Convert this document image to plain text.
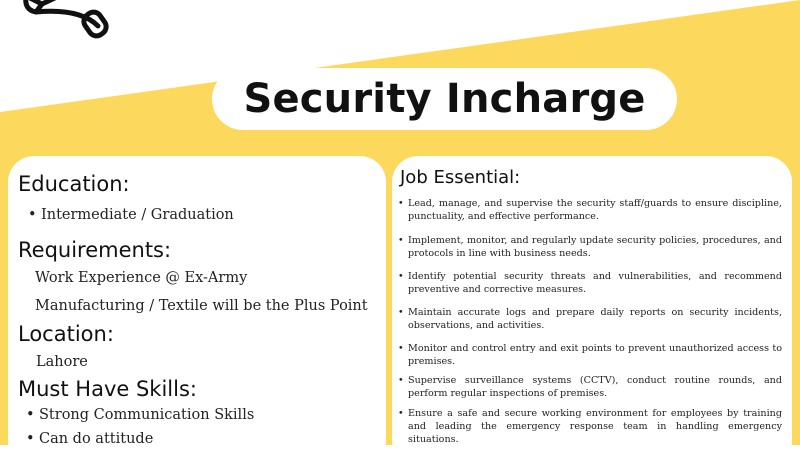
Security Incharge
Education:
• Intermediate / Graduation
Requirements:
Work Experience @ Ex-Army
Manufacturing / Textile will be the Plus Point
Location:
Lahore
Must Have Skills:
• Strong Communication Skills
• Can do attitude
Job Essential:
• Lead, manage, and supervise the security staff/guards to ensure discipline, punctuality, and effective performance.
• Implement, monitor, and regularly update security policies, procedures, and protocols in line with business needs.
• Identify potential security threats and vulnerabilities, and recommend preventive and corrective measures.
• Maintain accurate logs and prepare daily reports on security incidents, observations, and activities.
• Monitor and control entry and exit points to prevent unauthorized access to premises.
• Supervise surveillance systems (CCTV), conduct routine rounds, and perform regular inspections of premises.
• Ensure a safe and secure working environment for employees by training and leading the emergency response team in handling emergency situations.
